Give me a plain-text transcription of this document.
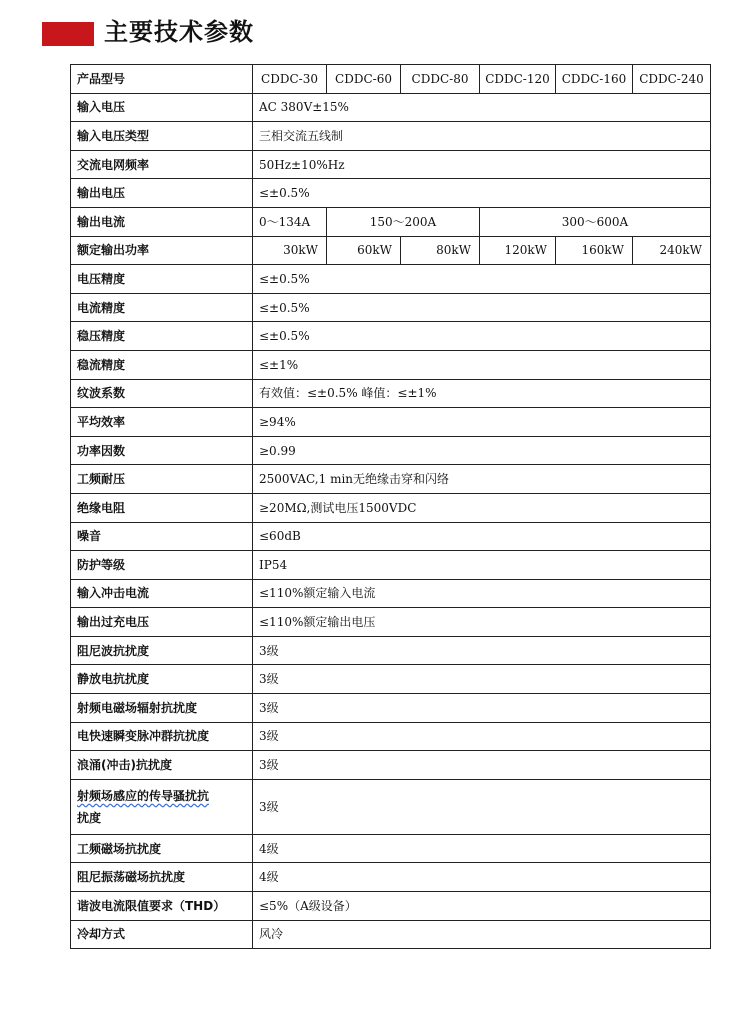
主要技术参数
产品型号	CDDC-30	CDDC-60	CDDC-80	CDDC-120	CDDC-160	CDDC-240
输入电压	AC 380V±15%					
输入电压类型	三相交流五线制					
交流电网频率	50Hz±10%Hz					
输出电压	≤±0.5%					
输出电流	0～134A	150～200A		300～600A		
额定输出功率	30kW	60kW	80kW	120kW	160kW	240kW
电压精度	≤±0.5%					
电流精度	≤±0.5%					
稳压精度	≤±0.5%					
稳流精度	≤±1%					
纹波系数	有效值：≤±0.5% 峰值：≤±1%					
平均效率	≥94%					
功率因数	≥0.99					
工频耐压	2500VAC,1 min无绝缘击穿和闪络					
绝缘电阻	≥20MΩ,测试电压1500VDC					
噪音	≤60dB					
防护等级	IP54					
输入冲击电流	≤110%额定输入电流					
输出过充电压	≤110%额定输出电压					
阻尼波抗扰度	3级					
静放电抗扰度	3级					
射频电磁场辐射抗扰度	3级					
电快速瞬变脉冲群抗扰度	3级					
浪涌(冲击)抗扰度	3级					
射频场感应的传导骚扰抗
扰度	3级					
工频磁场抗扰度	4级					
阻尼振荡磁场抗扰度	4级					
谐波电流限值要求（THD）	≤5%（A级设备）					
冷却方式	风冷					
